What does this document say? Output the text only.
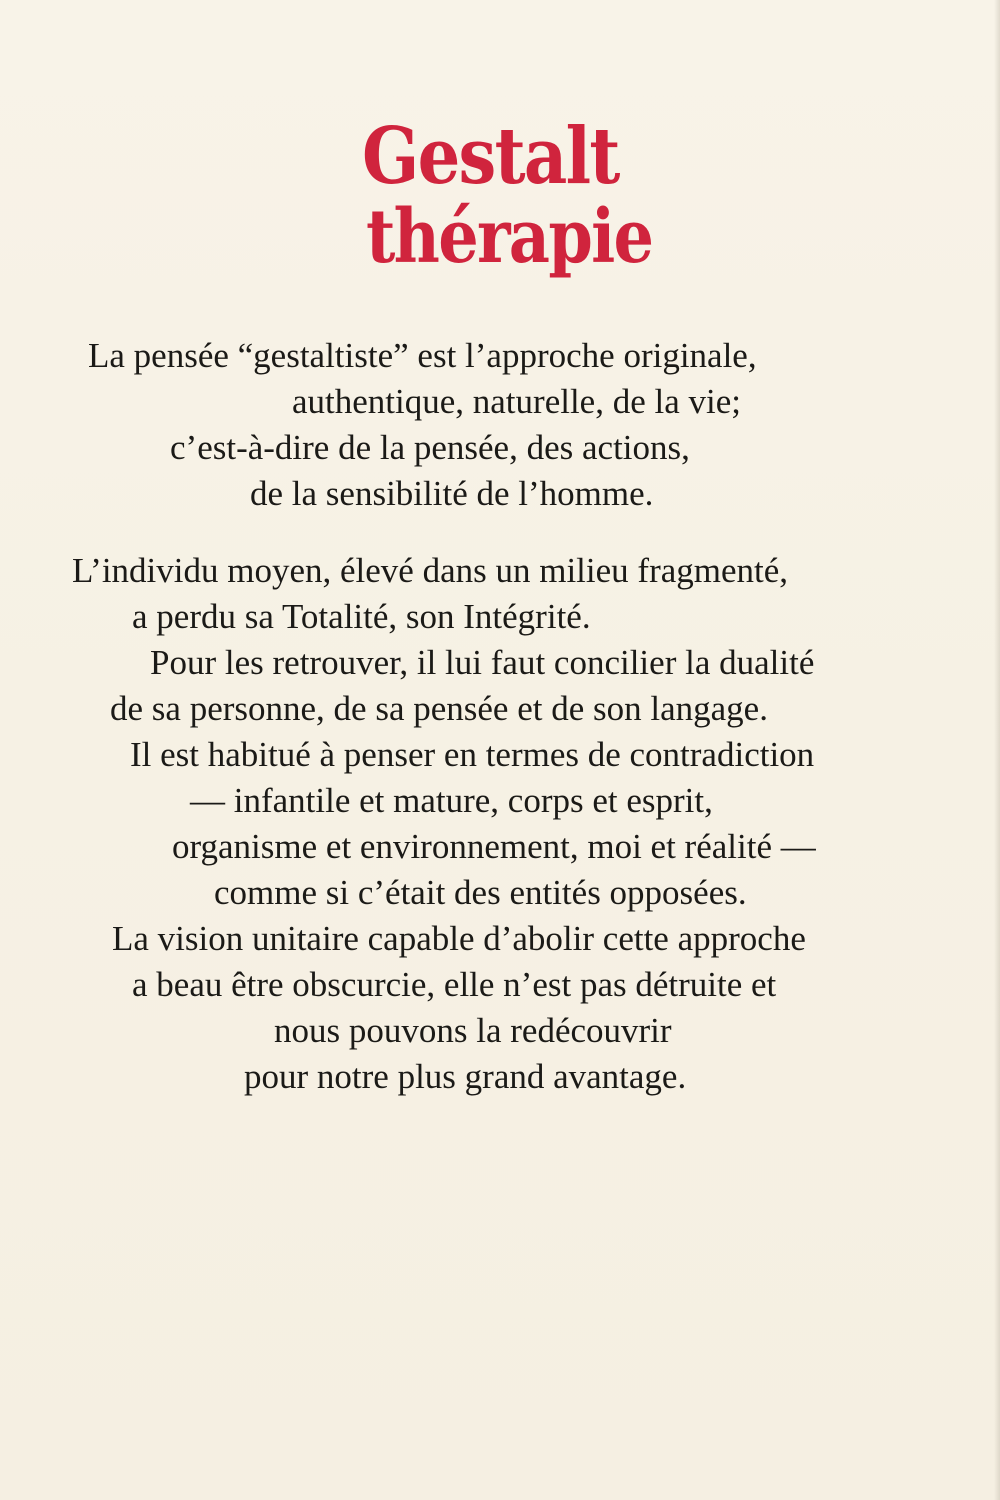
Gestalt
thérapie
La pensée “gestaltiste” est l’approche originale,
authentique, naturelle, de la vie;
c’est-à-dire de la pensée, des actions,
de la sensibilité de l’homme.
L’individu moyen, élevé dans un milieu fragmenté,
a perdu sa Totalité, son Intégrité.
Pour les retrouver, il lui faut concilier la dualité
de sa personne, de sa pensée et de son langage.
Il est habitué à penser en termes de contradiction
— infantile et mature, corps et esprit,
organisme et environnement, moi et réalité —
comme si c’était des entités opposées.
La vision unitaire capable d’abolir cette approche
a beau être obscurcie, elle n’est pas détruite et
nous pouvons la redécouvrir
pour notre plus grand avantage.
